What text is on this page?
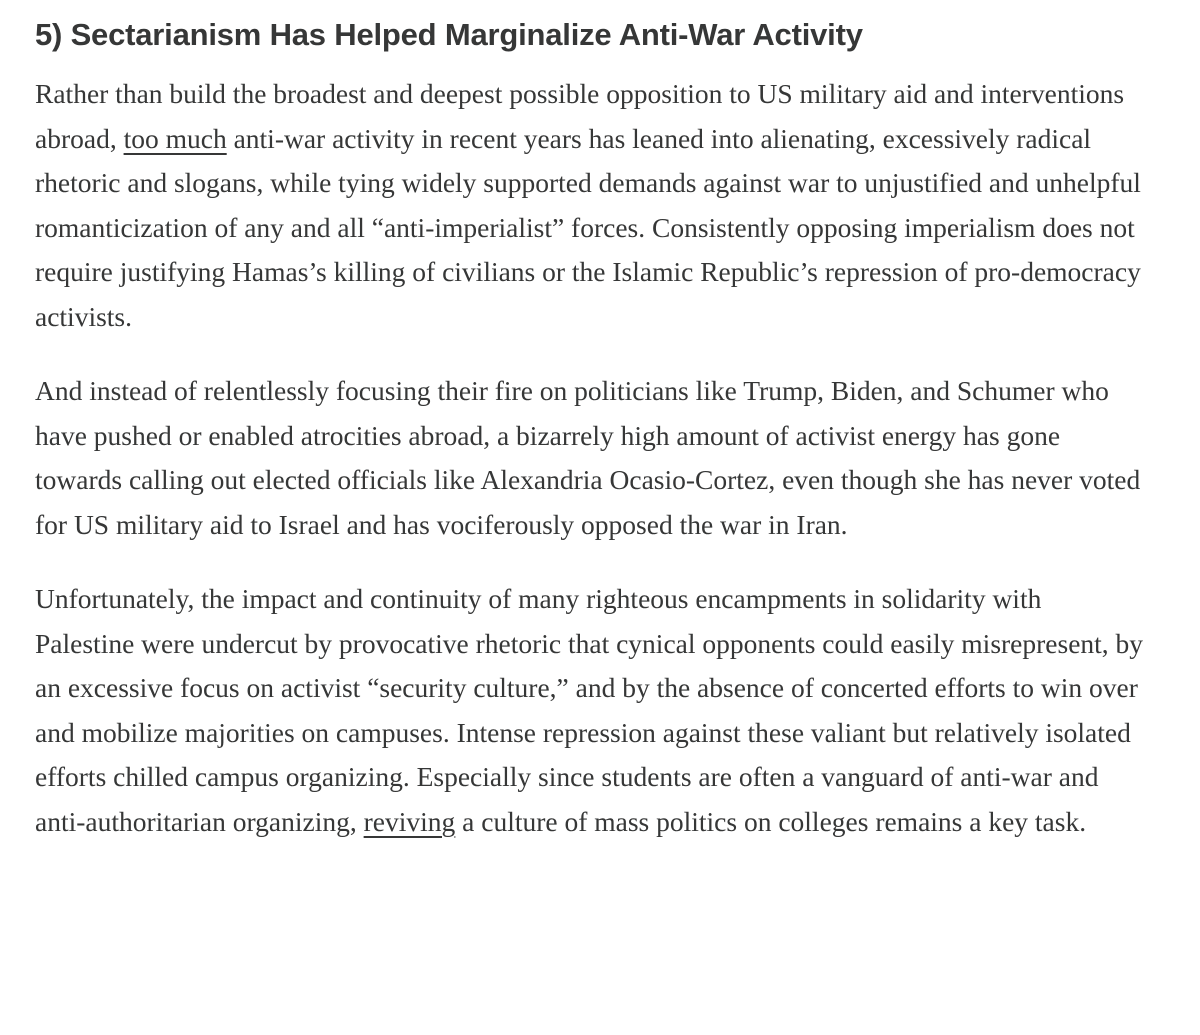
5) Sectarianism Has Helped Marginalize Anti-War Activity

Rather than build the broadest and deepest possible opposition to US military aid and interventions abroad, too much anti-war activity in recent years has leaned into alienating, excessively radical rhetoric and slogans, while tying widely supported demands against war to unjustified and unhelpful romanticization of any and all “anti-imperialist” forces. Consistently opposing imperialism does not require justifying Hamas’s killing of civilians or the Islamic Republic’s repression of pro-democracy activists.

And instead of relentlessly focusing their fire on politicians like Trump, Biden, and Schumer who have pushed or enabled atrocities abroad, a bizarrely high amount of activist energy has gone towards calling out elected officials like Alexandria Ocasio-Cortez, even though she has never voted for US military aid to Israel and has vociferously opposed the war in Iran.

Unfortunately, the impact and continuity of many righteous encampments in solidarity with Palestine were undercut by provocative rhetoric that cynical opponents could easily misrepresent, by an excessive focus on activist “security culture,” and by the absence of concerted efforts to win over and mobilize majorities on campuses. Intense repression against these valiant but relatively isolated efforts chilled campus organizing. Especially since students are often a vanguard of anti-war and anti-authoritarian organizing, reviving a culture of mass politics on colleges remains a key task.
